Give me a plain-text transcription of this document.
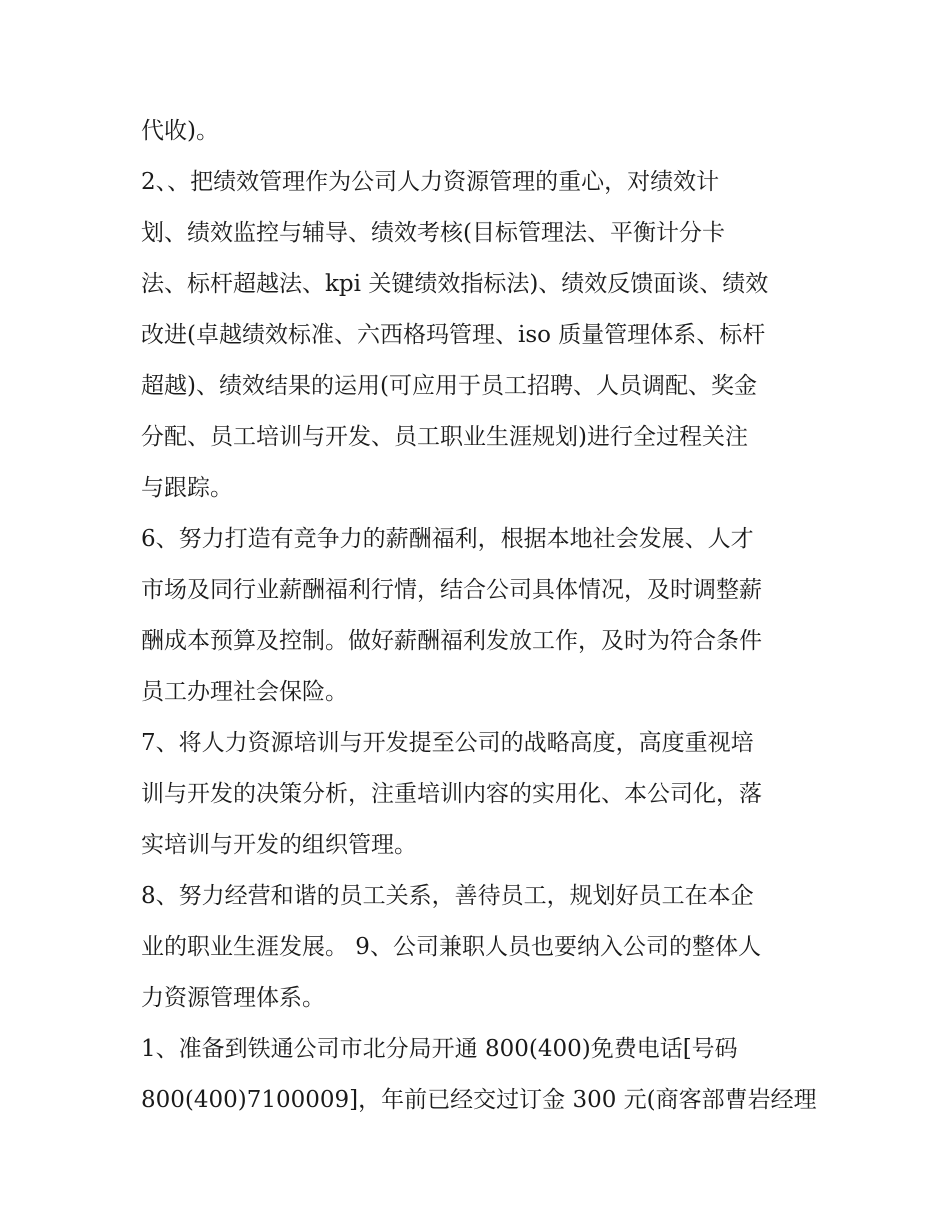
代收)。
2、、把绩效管理作为公司人力资源管理的重心，对绩效计
划、绩效监控与辅导、绩效考核(目标管理法、平衡计分卡
法、标杆超越法、kpi 关键绩效指标法)、绩效反馈面谈、绩效
改进(卓越绩效标准、六西格玛管理、iso 质量管理体系、标杆
超越)、绩效结果的运用(可应用于员工招聘、人员调配、奖金
分配、员工培训与开发、员工职业生涯规划)进行全过程关注
与跟踪。
6、努力打造有竞争力的薪酬福利，根据本地社会发展、人才
市场及同行业薪酬福利行情，结合公司具体情况，及时调整薪
酬成本预算及控制。做好薪酬福利发放工作，及时为符合条件
员工办理社会保险。
7、将人力资源培训与开发提至公司的战略高度，高度重视培
训与开发的决策分析，注重培训内容的实用化、本公司化，落
实培训与开发的组织管理。
8、努力经营和谐的员工关系，善待员工，规划好员工在本企
业的职业生涯发展。 9、公司兼职人员也要纳入公司的整体人
力资源管理体系。
1、准备到铁通公司市北分局开通 800(400)免费电话[号码
800(400)7100009]，年前已经交过订金 300 元(商客部曹岩经理
